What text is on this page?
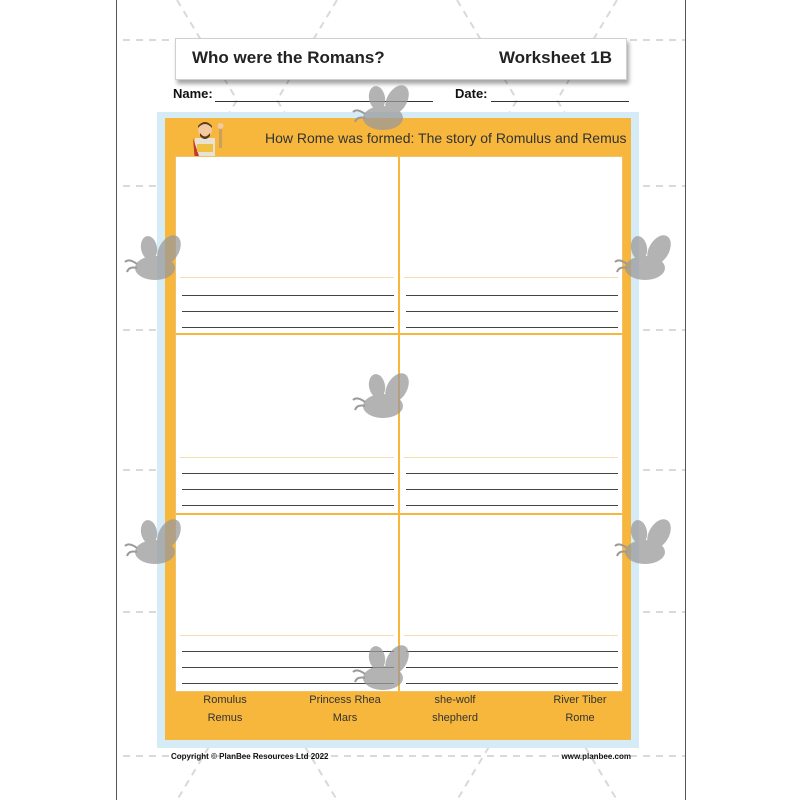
Who were the Romans?	Worksheet 1B
Name:	Date:
How Rome was formed: The story of Romulus and Remus
Romulus	Princess Rhea	she-wolf	River Tiber
Remus	Mars	shepherd	Rome
Copyright © PlanBee Resources Ltd 2022	www.planbee.com
